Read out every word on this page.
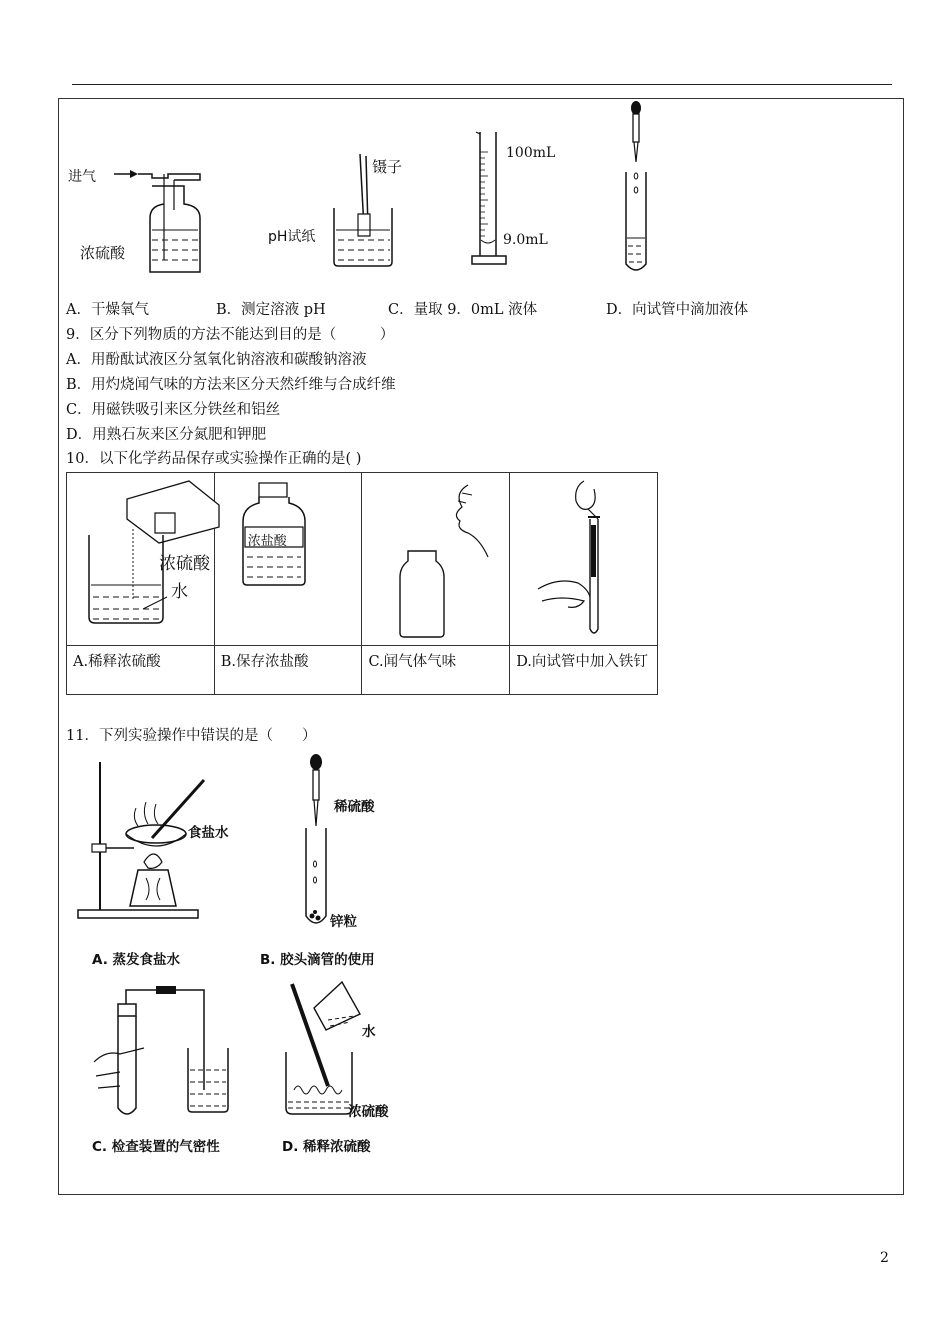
进气
浓硫酸
镊子
pH试纸
100mL
9.0mL
A．干燥氧气	B．测定溶液 pH	C．量取 9．0mL 液体	D．向试管中滴加液体
9．区分下列物质的方法不能达到目的是（　　　）
A．用酚酞试液区分氢氧化钠溶液和碳酸钠溶液
B．用灼烧闻气味的方法来区分天然纤维与合成纤维
C．用磁铁吸引来区分铁丝和铝丝
D．用熟石灰来区分氮肥和钾肥
10．以下化学药品保存或实验操作正确的是( )
浓硫酸
水	浓盐酸

A.稀释浓硫酸	B.保存浓盐酸	C.闻气体气味	D.向试管中加入铁钉
11．下列实验操作中错误的是（　　）
食盐水
A. 蒸发食盐水
稀硫酸
锌粒
B. 胶头滴管的使用
C. 检查装置的气密性
水
浓硫酸
D. 稀释浓硫酸
2
